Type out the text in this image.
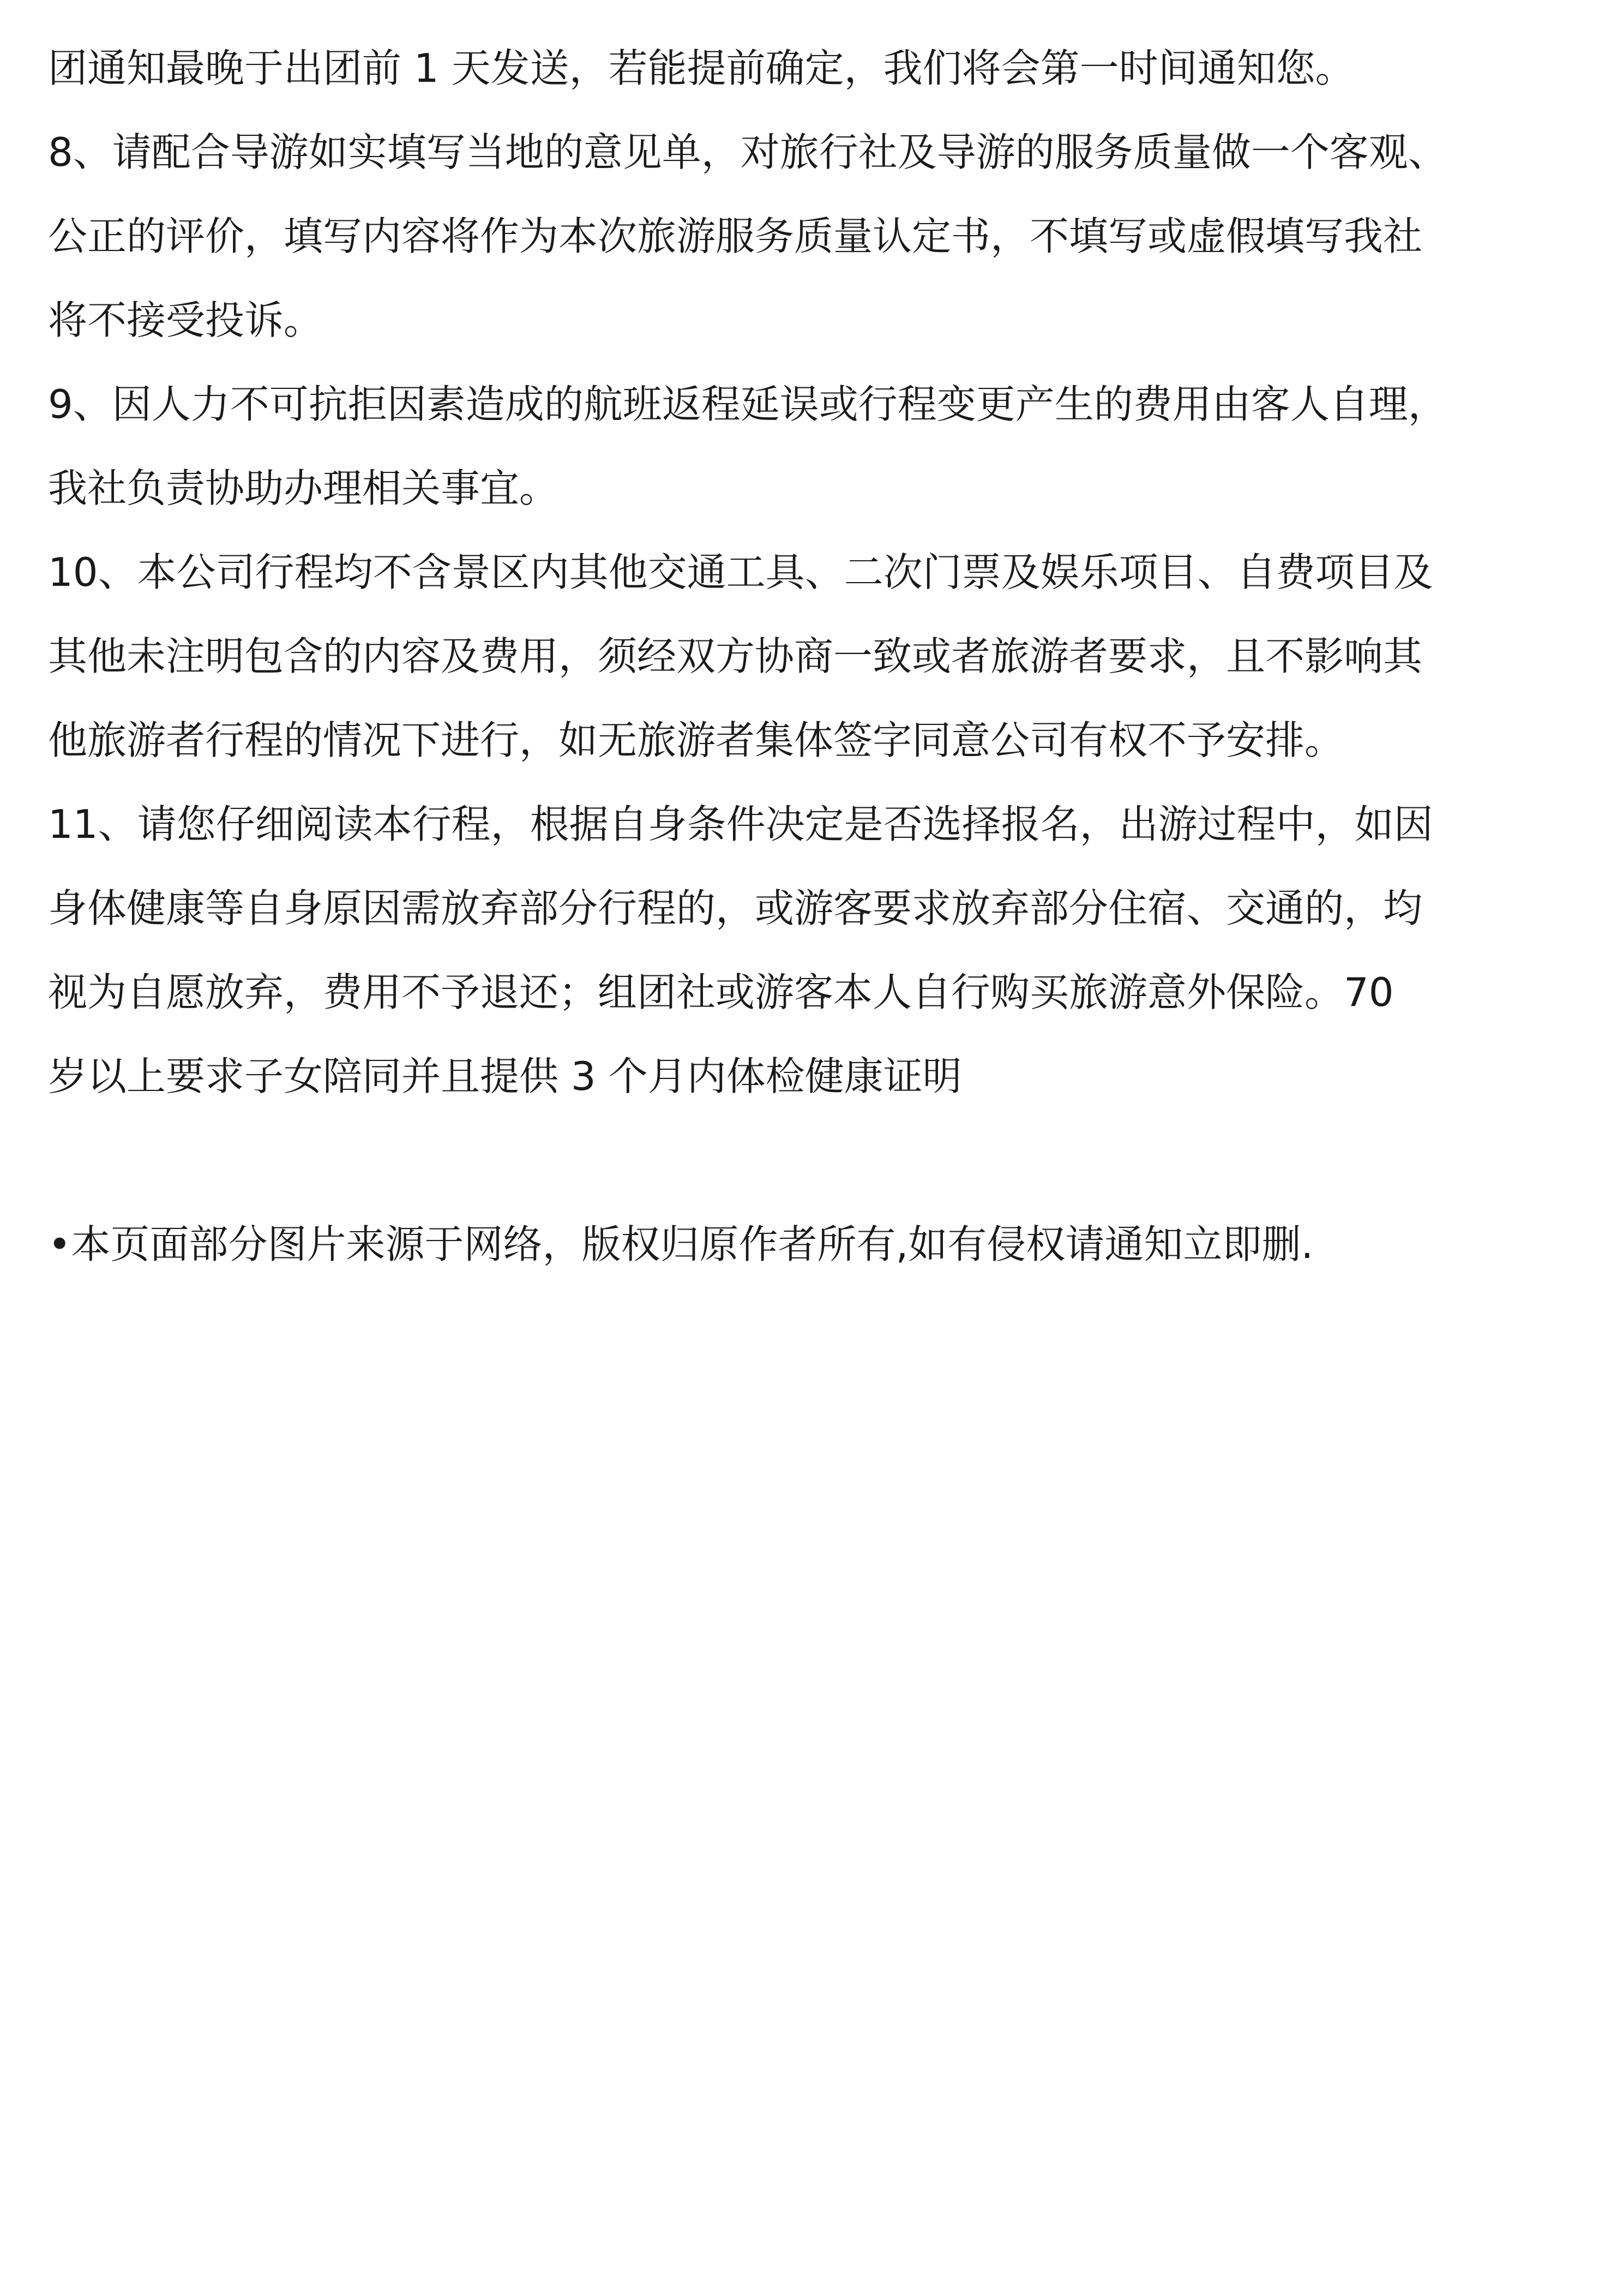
团通知最晚于出团前 1 天发送，若能提前确定，我们将会第一时间通知您。
8、请配合导游如实填写当地的意见单，对旅行社及导游的服务质量做一个客观、
公正的评价，填写内容将作为本次旅游服务质量认定书，不填写或虚假填写我社
将不接受投诉。
9、因人力不可抗拒因素造成的航班返程延误或行程变更产生的费用由客人自理，
我社负责协助办理相关事宜。
10、本公司行程均不含景区内其他交通工具、二次门票及娱乐项目、自费项目及
其他未注明包含的内容及费用，须经双方协商一致或者旅游者要求，且不影响其
他旅游者行程的情况下进行，如无旅游者集体签字同意公司有权不予安排。
11、请您仔细阅读本行程，根据自身条件决定是否选择报名，出游过程中，如因
身体健康等自身原因需放弃部分行程的，或游客要求放弃部分住宿、交通的，均
视为自愿放弃，费用不予退还；组团社或游客本人自行购买旅游意外保险。70
岁以上要求子女陪同并且提供 3 个月内体检健康证明
•本页面部分图片来源于网络，版权归原作者所有,如有侵权请通知立即删.
